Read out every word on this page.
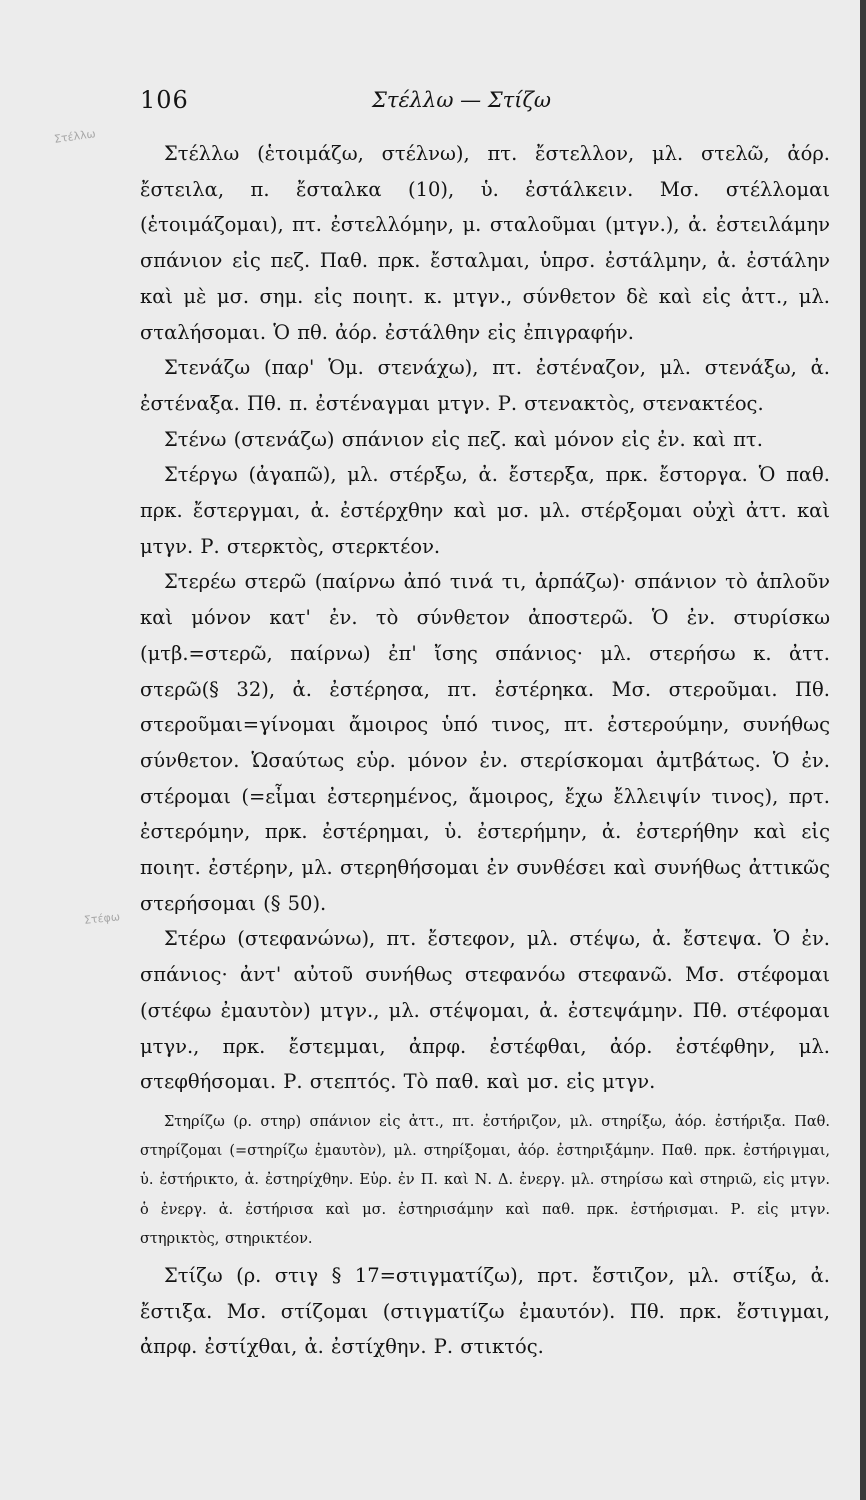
Στέλλω
Στέφω
106	Στέλλω — Στίζω

Στέλλω (ἑτοιμάζω, στέλνω), πτ. ἔστελλον, μλ. στελῶ, ἀόρ. ἔστειλα, π. ἔσταλκα (10), ὑ. ἐστάλκειν. Μσ. στέλλομαι (ἑτοιμάζομαι), πτ. ἐστελλόμην, μ. σταλοῦμαι (μτγν.), ἀ. ἐστειλάμην σπάνιον εἰς πεζ. Παθ. πρκ. ἔσταλμαι, ὑπρσ. ἐστάλμην, ἀ. ἐστάλην καὶ μὲ μσ. σημ. εἰς ποιητ. κ. μτγν., σύνθετον δὲ καὶ εἰς ἀττ., μλ. σταλήσομαι. Ὁ πθ. ἀόρ. ἐστάλθην εἰς ἐπιγραφήν.

Στενάζω (παρ' Ὁμ. στενάχω), πτ. ἐστέναζον, μλ. στενάξω, ἀ. ἐστέναξα. Πθ. π. ἐστέναγμαι μτγν. Ρ. στενακτὸς, στενακτέος.

Στένω (στενάζω) σπάνιον εἰς πεζ. καὶ μόνον εἰς ἐν. καὶ πτ.

Στέργω (ἀγαπῶ), μλ. στέρξω, ἀ. ἔστερξα, πρκ. ἔστοργα. Ὁ παθ. πρκ. ἔστεργμαι, ἀ. ἐστέρχθην καὶ μσ. μλ. στέρξομαι οὐχὶ ἀττ. καὶ μτγν. Ρ. στερκτὸς, στερκτέον.

Στερέω στερῶ (παίρνω ἀπό τινά τι, ἁρπάζω)· σπάνιον τὸ ἁπλοῦν καὶ μόνον κατ' ἐν. τὸ σύνθετον ἀποστερῶ. Ὁ ἐν. στυρίσκω (μτβ.=στερῶ, παίρνω) ἐπ' ἴσης σπάνιος· μλ. στερήσω κ. ἀττ. στερῶ(§ 32), ἀ. ἐστέρησα, πτ. ἐστέρηκα. Μσ. στεροῦμαι. Πθ. στεροῦμαι=γίνομαι ἄμοιρος ὑπό τινος, πτ. ἐστερούμην, συνήθως σύνθετον. Ὡσαύτως εὑρ. μόνον ἐν. στερίσκομαι ἀμτβάτως. Ὁ ἐν. στέρομαι (=εἶμαι ἐστερημένος, ἄμοιρος, ἔχω ἔλλειψίν τινος), πρτ. ἐστερόμην, πρκ. ἐστέρημαι, ὑ. ἐστερήμην, ἀ. ἐστερήθην καὶ εἰς ποιητ. ἐστέρην, μλ. στερηθήσομαι ἐν συνθέσει καὶ συνήθως ἀττικῶς στερήσομαι (§ 50).

Στέρω (στεφανώνω), πτ. ἔστεφον, μλ. στέψω, ἀ. ἔστεψα. Ὁ ἐν. σπάνιος· ἀντ' αὐτοῦ συνήθως στεφανόω στεφανῶ. Μσ. στέφομαι (στέφω ἐμαυτὸν) μτγν., μλ. στέψομαι, ἀ. ἐστεψάμην. Πθ. στέφομαι μτγν., πρκ. ἔστεμμαι, ἀπρφ. ἐστέφθαι, ἀόρ. ἐστέφθην, μλ. στεφθήσομαι. Ρ. στεπτός. Τὸ παθ. καὶ μσ. εἰς μτγν.

Στηρίζω (ρ. στηρ) σπάνιον εἰς ἀττ., πτ. ἐστήριζον, μλ. στηρίξω, ἀόρ. ἐστήριξα. Παθ. στηρίζομαι (=στηρίζω ἐμαυτὸν), μλ. στηρίξομαι, ἀόρ. ἐστηριξάμην. Παθ. πρκ. ἐστήριγμαι, ὑ. ἐστήρικτο, ἀ. ἐστηρίχθην. Εὑρ. ἐν Π. καὶ Ν. Δ. ἐνεργ. μλ. στηρίσω καὶ στηριῶ, εἰς μτγν. ὁ ἐνεργ. ἀ. ἐστήρισα καὶ μσ. ἐστηρισάμην καὶ παθ. πρκ. ἐστήρισμαι. Ρ. εἰς μτγν. στηρικτὸς, στηρικτέον.

Στίζω (ρ. στιγ § 17=στιγματίζω), πρτ. ἔστιζον, μλ. στίξω, ἀ. ἔστιξα. Μσ. στίζομαι (στιγματίζω ἐμαυτόν). Πθ. πρκ. ἔστιγμαι, ἀπρφ. ἐστίχθαι, ἀ. ἐστίχθην. Ρ. στικτός.
